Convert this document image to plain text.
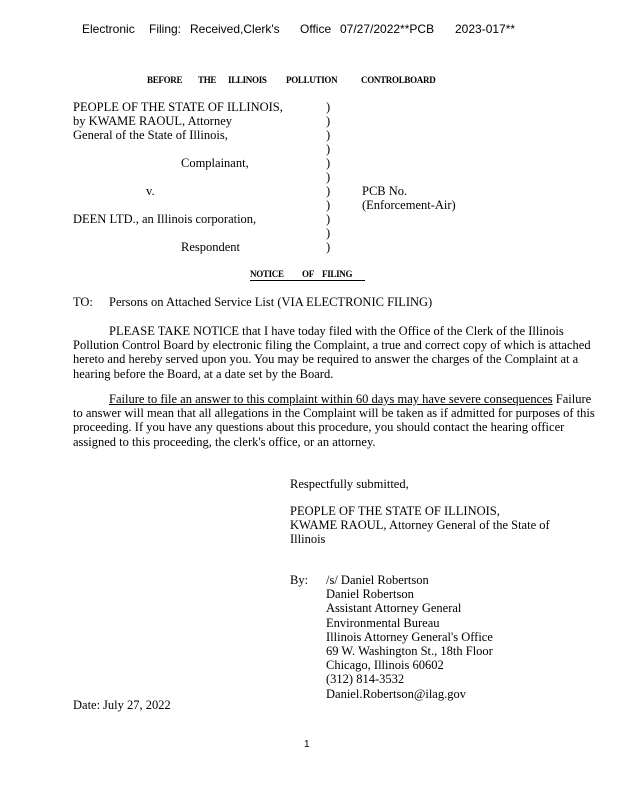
Electronic Filing: Received,Clerk's Office 07/27/2022**PCB 2023-017**
BEFORE THE ILLINOIS POLLUTION	CONTROLBOARD
PEOPLE OF THE STATE OF ILLINOIS,
by KWAME RAOUL, Attorney
General of the State of Illinois,
Complainant,
v.
DEEN LTD., an Illinois corporation,
Respondent
)
)
)
)
)
)
)
)
)
)
)
PCB No.
(Enforcement-Air)
NOTICE OF FILING
TO: Persons on Attached Service List (VIA ELECTRONIC FILING)
PLEASE TAKE NOTICE that I have today filed with the Office of the Clerk of the Illinois Pollution Control Board by electronic filing the Complaint, a true and correct copy of which is attached hereto and hereby served upon you. You may be required to answer the charges of the Complaint at a hearing before the Board, at a date set by the Board.
Failure to file an answer to this complaint within 60 days may have severe consequences Failure to answer will mean that all allegations in the Complaint will be taken as if admitted for purposes of this proceeding. If you have any questions about this procedure, you should contact the hearing officer assigned to this proceeding, the clerk's office, or an attorney.
Respectfully submitted,
PEOPLE OF THE STATE OF ILLINOIS,
KWAME RAOUL, Attorney General of the State of
Illinois
By: /s/ Daniel Robertson
Daniel Robertson
Assistant Attorney General
Environmental Bureau
Illinois Attorney General's Office
69 W. Washington St., 18th Floor
Chicago, Illinois 60602
(312) 814-3532
Daniel.Robertson@ilag.gov
Date: July 27, 2022
1
